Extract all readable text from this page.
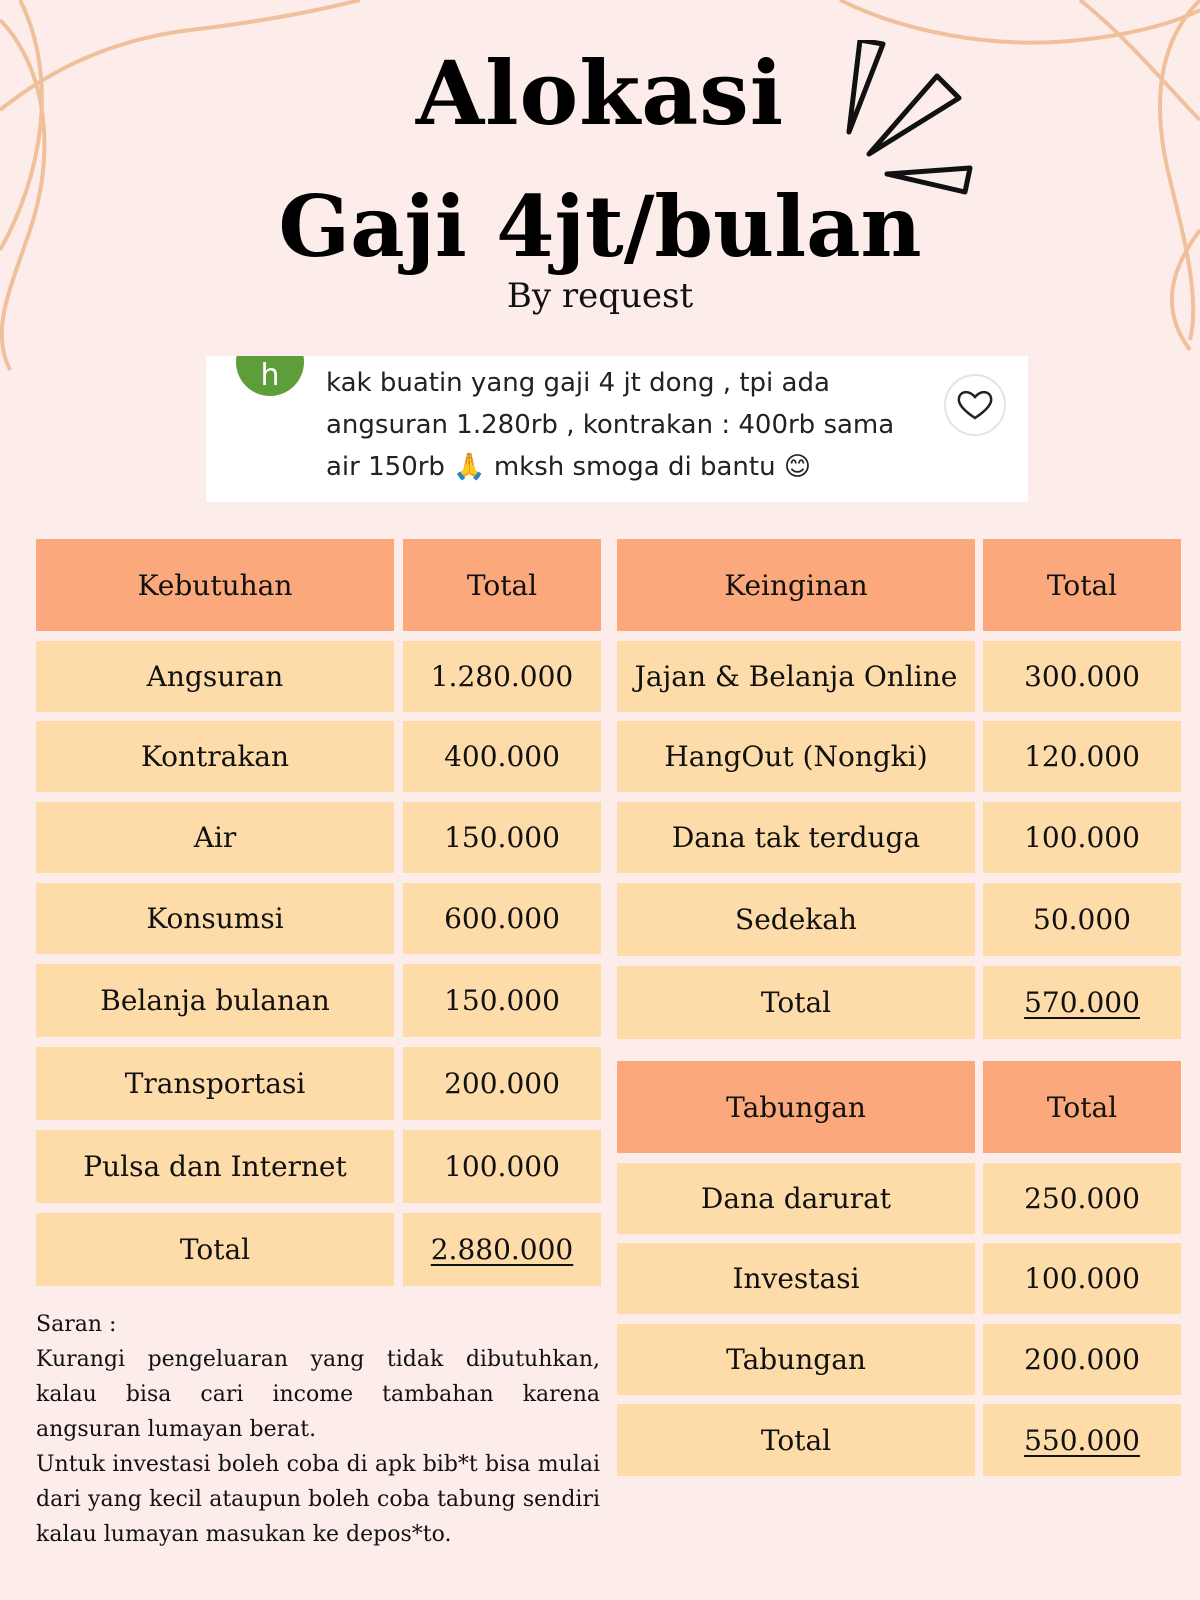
Alokasi
Gaji 4jt/bulan
By request
h	kak buatin yang gaji 4 jt dong , tpi ada angsuran 1.280rb , kontrakan : 400rb sama air 150rb 🙏 mksh smoga di bantu 😊
Kebutuhan	Total
Angsuran	1.280.000
Kontrakan	400.000
Air	150.000
Konsumsi	600.000
Belanja bulanan	150.000
Transportasi	200.000
Pulsa dan Internet	100.000
Total	2.880.000
Keinginan	Total
Jajan & Belanja Online	300.000
HangOut (Nongki)	120.000
Dana tak terduga	100.000
Sedekah	50.000
Total	570.000
Tabungan	Total
Dana darurat	250.000
Investasi	100.000
Tabungan	200.000
Total	550.000

Saran :

Kurangi pengeluaran yang tidak dibutuhkan, kalau bisa cari income tambahan karena angsuran lumayan berat.

Untuk investasi boleh coba di apk bib*t bisa mulai dari yang kecil ataupun boleh coba tabung sendiri kalau lumayan masukan ke depos*to.
